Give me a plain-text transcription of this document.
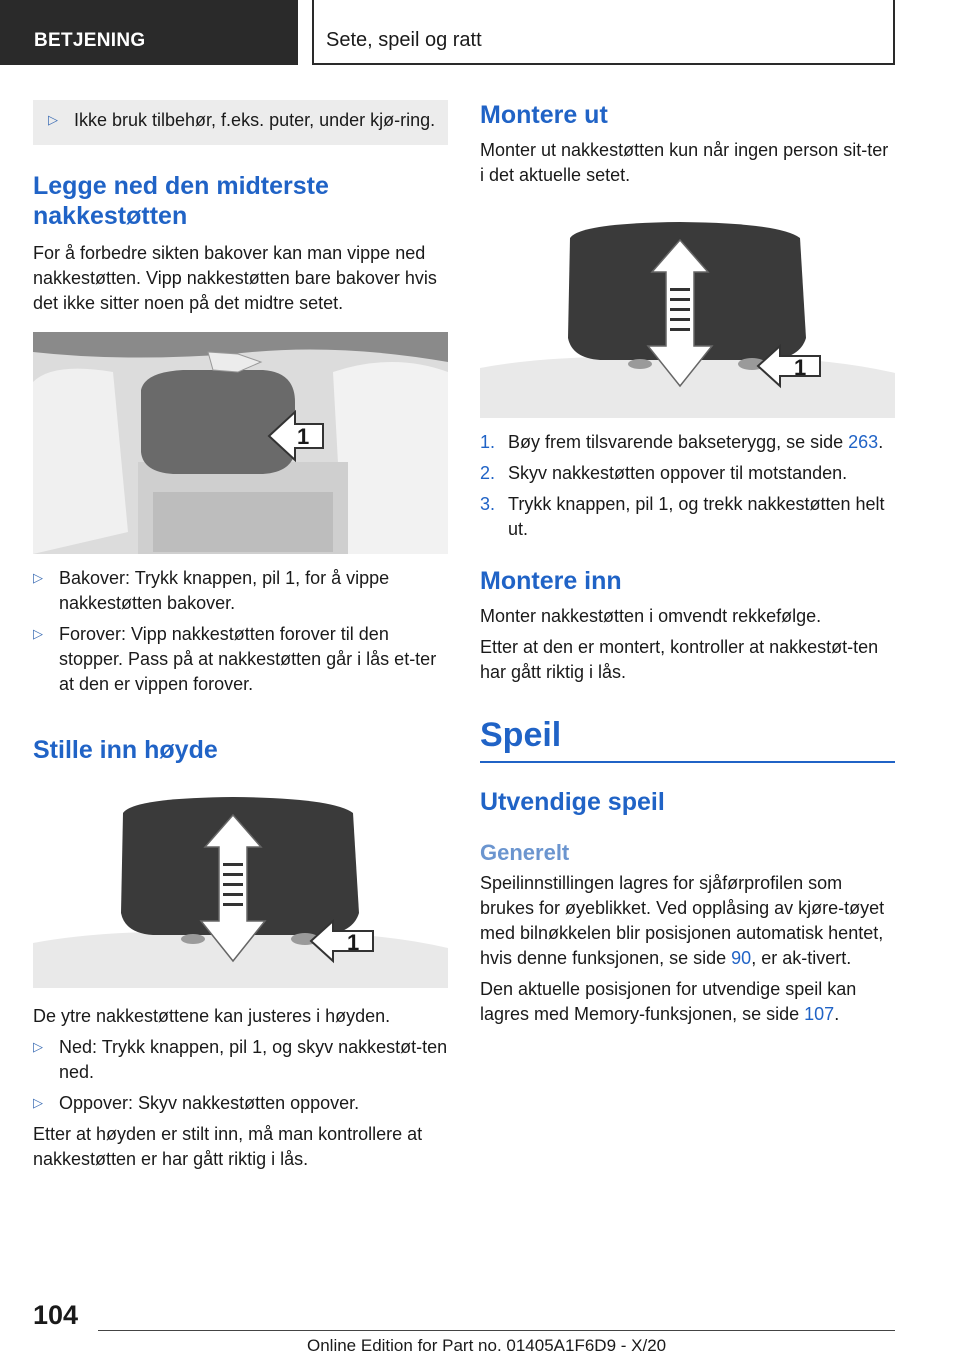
BETJENING	Sete, speil og ratt
▷ Ikke bruk tilbehør, f.eks. puter, under kjø-ring.

Legge ned den midterste nakkestøtten

For å forbedre sikten bakover kan man vippe ned nakkestøtten. Vipp nakkestøtten bare bakover hvis det ikke sitter noen på det midtre setet.

1
▷ Bakover: Trykk knappen, pil 1, for å vippe nakkestøtten bakover.

▷ Forover: Vipp nakkestøtten forover til den stopper. Pass på at nakkestøtten går i lås et-ter at den er vippen forover.

Stille inn høyde
1

De ytre nakkestøttene kan justeres i høyden.

▷ Ned: Trykk knappen, pil 1, og skyv nakkestøt-ten ned.

▷ Oppover: Skyv nakkestøtten oppover.

Etter at høyden er stilt inn, må man kontrollere at nakkestøtten er har gått riktig i lås.

Montere ut

Monter ut nakkestøtten kun når ingen person sit-ter i det aktuelle setet.

1
1. Bøy frem tilsvarende bakseterygg, se side 263.

2. Skyv nakkestøtten oppover til motstanden.

3. Trykk knappen, pil 1, og trekk nakkestøtten helt ut.

Montere inn

Monter nakkestøtten i omvendt rekkefølge.

Etter at den er montert, kontroller at nakkestøt-ten har gått riktig i lås.

Speil
Utvendige speil
Generelt

Speilinnstillingen lagres for sjåførprofilen som brukes for øyeblikket. Ved opplåsing av kjøre-tøyet med bilnøkkelen blir posisjonen automatisk hentet, hvis denne funksjonen, se side 90, er ak-tivert.

Den aktuelle posisjonen for utvendige speil kan lagres med Memory-funksjonen, se side 107.

104
Online Edition for Part no. 01405A1F6D9 - X/20
